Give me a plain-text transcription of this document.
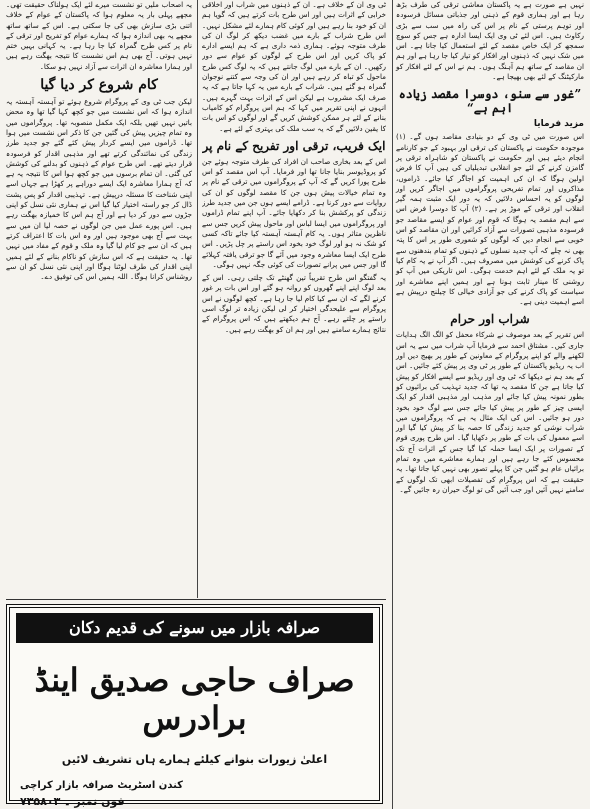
نہیں ہے صورت ہے یہ پاکستان معاشی ترقی کی طرف بڑھ رہا ہے اور ہماری قوم کے ذہنی اور جذباتی مسائل فرسودہ اور توہم پرستی کے نام پر اس کی راہ میں سب سے بڑی رکاوٹ ہیں۔ اس لئے ٹی وی ایک ایسا ادارہ ہے جس کو سوچ سمجھ کر ایک خاص مقصد کے لئے استعمال کیا جانا ہے۔ اس میں شک نہیں کہ ذہنوں اور افکار کو تیار کیا جا رہا ہے اور ہم ان مقاصد کے ساتھ ہم آہنگ ہوں۔ ہم نے اس کے لئے افکار کو مارکیٹنگ کے لئے بھی بھیجا ہے۔

”غور سے سنو، دوسرا مقصد زیادہ اہم ہے“
مزید فرمایا

اس صورت میں ٹی وی کے دو بنیادی مقاصد ہوں گے۔ (۱) موجودہ حکومت نے پاکستان کی ترقی اور بہبود کے جو کارنامے انجام دیئے ہیں اور حکومت نے پاکستان کو شاہراہ ترقی پر گامزن کرنے کے لئے جو انقلابی تبدیلیاں کی ہیں آپ کا فرض اولین ہوگا کہ ان کی اہمیت کو اجاگر کیا جائے۔ ڈراموں، مذاکروں اور تمام تفریحی پروگراموں میں اجاگر کریں اور لوگوں کو یہ احساس دلائیں کہ یہ دور ایک مثبت ہمہ گیر انقلاب اور ترقی کے موڑ پر ہے۔ (۲) آپ کا دوسرا فرض اس سے اہم مقصد یہ ہوگا کہ قوم اور عوام کو ایسے مقاصد جو فرسودہ مذہبی تصورات سے آزاد کرائیں اور ان مقاصد کو اس خوبی سے انجام دیں کہ لوگوں کو شعوری طور پر اس کا پتہ بھی نہ چلے کہ آپ جدید نسلوں کے ذہنوں کو تمام بندھنوں سے پاک کرنے کی کوشش میں مصروف ہیں۔ اگر آپ نے یہ کام کیا تو یہ ملک کے لئے اہم خدمت ہوگی۔ اس تاریکی میں آپ کو روشنی کا مینار ثابت ہونا ہے اور ہمیں اپنے معاشرے اور سیاست کو پاک کرنے کی جو آزادی خیالی کا چیلنج درپیش ہے اسے اہمیت دینی ہے۔

شراب اور حرام

اس تقریر کے بعد موصوف نے شرکاء محفل کو الگ الگ ہدایات جاری کیں۔ مشتاق احمد سے فرمایا آپ شراب میں سے یہ اس لکھنے والے کو اپنے پروگرام کے معاونین کے طور پر بھیج دیں اور اب یہ ریڈیو پاکستان کے طور پر ٹی وی پر پیش کئے جائیں۔ اس کے بعد ہم نے دیکھا کہ ٹی وی اور ریڈیو سے ایسے افکار کو پیش کیا جاتا ہے جن کا مقصد یہ تھا کہ جدید تہذیب کی برائیوں کو بطور نمونہ پیش کیا جائے اور مذہب اور مذہبی اقدار کو ایک ایسی چیز کے طور پر پیش کیا جائے جس سے لوگ خود بخود دور ہو جائیں۔ اس کی ایک مثال یہ ہے کہ پروگراموں میں شراب نوشی کو جدید زندگی کا حصہ بنا کر پیش کیا گیا اور اسے معمول کی بات کے طور پر دکھایا گیا۔ اس طرح پوری قوم کے تصورات پر ایک ایسا حملہ کیا گیا جس کے اثرات آج تک محسوس کئے جا رہے ہیں اور ہمارے معاشرے میں وہ تمام برائیاں عام ہو گئیں جن کا پہلے تصور بھی نہیں کیا جاتا تھا۔ یہ حقیقت ہے کہ اس پروگرام کی تفصیلات ابھی تک لوگوں کے سامنے نہیں آئیں اور جب آئیں گی تو لوگ حیران رہ جائیں گے۔

ٹی وی ان کے خلاف ہے۔ ان کے ذہنوں میں شراب اور اخلاقی خرابی کے اثرات ہیں اور اس طرح بات کرتے ہیں کہ گویا ہم ان کو خود بنا رہے ہیں اور کوئی کام ہمارے لئے مشکل نہیں۔ اس طرح شراب کے بارے میں غضب دیکھ کر لوگ ان کی طرف متوجہ ہوئے۔ ہماری ذمہ داری ہے کہ ہم ایسے ادارے کو پاک کریں اور اس طرح کے لوگوں کو عوام سے دور رکھیں۔ ان کے بارے میں لوگ جانتے ہیں کہ یہ لوگ کس طرح ماحول کو تباہ کر رہے ہیں اور ان کی وجہ سے کتنے نوجوان گمراہ ہو گئے ہیں۔ شراب کے بارے میں یہ کہا جاتا ہے کہ یہ صرف ایک مشروب ہے لیکن اس کے اثرات بہت گہرے ہیں۔ انہوں نے اپنی تقریر میں کہا کہ ہم اس پروگرام کو کامیاب بنانے کے لئے ہر ممکن کوشش کریں گے اور لوگوں کو اس بات کا یقین دلائیں گے کہ یہ سب ملک کی بہتری کے لئے ہے۔

ایک فریب، ترقی اور تفریح کے نام پر

اس کے بعد بخاری صاحب ان افراد کی طرف متوجہ ہوئے جن کو پروڈیوسر بنایا جانا تھا اور فرمایا۔ آپ اس مقصد کو اس طرح پورا کریں گے کہ آپ کے پروگراموں میں ترقی کے نام پر وہ تمام خیالات پیش ہوں جن کا مقصد لوگوں کو ان کی روایات سے دور کرنا ہے۔ ڈرامے ایسے ہوں جن میں جدید طرز زندگی کو پرکشش بنا کر دکھایا جائے۔ آپ اپنے تمام ڈراموں اور پروگراموں میں ایسا لباس اور ماحول پیش کریں جس سے ناظرین متاثر ہوں۔ یہ کام آہستہ آہستہ کیا جائے تاکہ کسی کو شک نہ ہو اور لوگ خود بخود اس راستے پر چل پڑیں۔ اس طرح ایک ایسا معاشرہ وجود میں آئے گا جو ترقی یافتہ کہلائے گا اور جس میں پرانے تصورات کی کوئی جگہ نہیں ہوگی۔

یہ گفتگو اس طرح تقریباً تین گھنٹے تک چلتی رہی۔ اس کے بعد لوگ اپنے اپنے گھروں کو روانہ ہو گئے اور اس بات پر غور کرنے لگے کہ ان سے کیا کام لیا جا رہا ہے۔ کچھ لوگوں نے اس پروگرام سے علیحدگی اختیار کر لی لیکن زیادہ تر لوگ اسی راستے پر چلتے رہے۔ آج ہم دیکھتے ہیں کہ اس پروگرام کے نتائج ہمارے سامنے ہیں اور ہم ان کو بھگت رہے ہیں۔

یہ اصحاب ملیں تو نشست میرے لئے ایک ہولناک حقیقت تھی۔ مجھے پہلی بار یہ معلوم ہوا کہ پاکستان کے عوام کے خلاف اتنی بڑی سازش بھی کی جا سکتی ہے۔ اس کے ساتھ ساتھ مجھے یہ بھی اندازہ ہوا کہ ہمارے عوام کو تفریح اور ترقی کے نام پر کس طرح گمراہ کیا جا رہا ہے۔ یہ کہانی بہیں ختم نہیں ہوتی۔ آج بھی ہم اس نشست کا نتیجہ بھگت رہے ہیں اور ہمارا معاشرہ ان اثرات سے آزاد نہیں ہو سکا۔

کام شروع کر دیا گیا

لیکن جب ٹی وی کے پروگرام شروع ہوئے تو آہستہ آہستہ یہ اندازہ ہوا کہ اس نشست میں جو کچھ کہا گیا تھا وہ محض باتیں نہیں تھیں بلکہ ایک مکمل منصوبہ تھا۔ پروگراموں میں وہ تمام چیزیں پیش کی گئیں جن کا ذکر اس نشست میں ہوا تھا۔ ڈراموں میں ایسے کردار پیش کئے گئے جو جدید طرز زندگی کی نمائندگی کرتے تھے اور مذہبی اقدار کو فرسودہ قرار دیتے تھے۔ اس طرح عوام کے ذہنوں کو بدلنے کی کوشش کی گئی۔ ان تمام برسوں میں جو کچھ ہوا اس کا نتیجہ یہ ہے کہ آج ہمارا معاشرہ ایک ایسے دوراہے پر کھڑا ہے جہاں اسے اپنی شناخت کا مسئلہ درپیش ہے۔ تہذیبی اقدار کو پس پشت ڈال کر جو راستہ اختیار کیا گیا اس نے ہماری نئی نسل کو اپنی جڑوں سے دور کر دیا ہے اور آج ہم اس کا خمیازہ بھگت رہے ہیں۔ اس پورے عمل میں جن لوگوں نے حصہ لیا ان میں سے بہت سے آج بھی موجود ہیں اور وہ اس بات کا اعتراف کرتے ہیں کہ ان سے جو کام لیا گیا وہ ملک و قوم کے مفاد میں نہیں تھا۔ یہ حقیقت ہے کہ اس سازش کو ناکام بنانے کے لئے ہمیں اپنی اقدار کی طرف لوٹنا ہوگا اور اپنی نئی نسل کو ان سے روشناس کرانا ہوگا۔ اللہ ہمیں اس کی توفیق دے۔

صرافہ بازار میں سونے کی قدیم دکان
صراف حاجی صدیق اینڈ برادرس
اعلیٰ زیورات بنوانے کیلئے ہمارے ہاں تشریف لائیں
کندن اسٹریٹ صرافہ بازار کراچی
فون نمبر ۔ ۷۳۵۸۰۳
